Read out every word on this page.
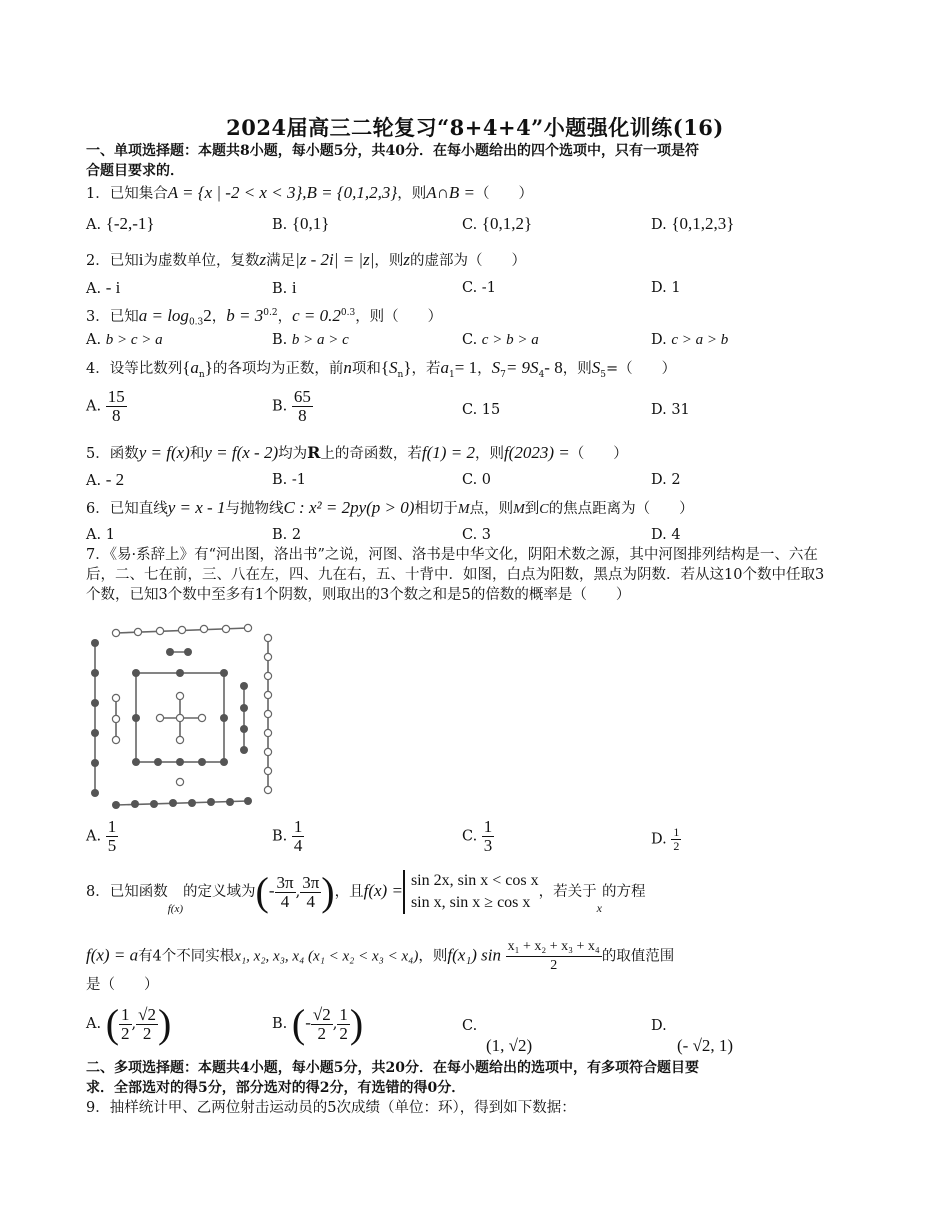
2024届高三二轮复习“8+4+4”小题强化训练(16)
一、单项选择题：本题共8小题，每小题5分，共40分．在每小题给出的四个选项中，只有一项是符
合题目要求的．
1．已知集合A = {x | -2 < x < 3},B = {0,1,2,3}，则A∩B =（　　）
A. {-2,-1}	B. {0,1}	C. {0,1,2}	D. {0,1,2,3}
2．已知i为虚数单位，复数z满足|z - 2i| = |z|，则z的虚部为（　　）
A. - i	B. i	C. -1	D. 1
3．已知$a = \log_{0.3}2$，$b = 3^{0.2}$，$c = 0.2^{0.3}$，则（　　）
A. b > c > a	B. b > a > c	C. c > b > a	D. c > a > b
4．设等比数列$\{a_n\}$的各项均为正数，前n项和$\{S_n\}$，若$a_1= 1$，$S_7= 9S_4-$ 8，则$S_5=$（　　）
A. $\frac{15}{8}$	B. $\frac{65}{8}$	C. 15	D. 31
5．函数y = f(x)和y = f(x - 2)均为R上的奇函数，若f(1) = 2，则f(2023) =（　　）
A. - 2	B. -1	C. 0	D. 2
6．已知直线y = x - 1与抛物线C : x² = 2py(p > 0)相切于M点，则M到C的焦点距离为（　　）
A. 1	B. 2	C. 3	D. 4
7．《易·系辞上》有“河出图，洛出书”之说，河图、洛书是中华文化，阴阳术数之源，其中河图排列结构是一、六在后，二、七在前，三、八在左，四、九在右，五、十背中．如图，白点为阳数，黑点为阴数．若从这10个数中任取3个数，已知3个数中至多有1个阴数，则取出的3个数之和是5的倍数的概率是（　　）
A. $\frac{1}{5}$	B. $\frac{1}{4}$	C. $\frac{1}{3}$	D. $\frac{1}{2}$
8．已知函数$_{f(x)}$的定义域为(- $\frac{3\pi}{4}$ , $\frac{3\pi}{4}$ )，且f(x) =
sin 2x, sin x < cos x
sin x, sin x ≥ cos x
，若关于$_x$的方程
f(x) = a有4个不同实根x₁, x₂, x₃, x₄ (x₁ < x₂ < x₃ < x₄)，则f(x₁) $\sin \frac{\text{x₁ + x₂ + x₃ + x₄}}{2}$ 的取值范围
是（　　）
A. ( $\frac{1}{2}$ , $\frac{√2}{2}$ )	B. (- $\frac{√2}{2}$ , $\frac{1}{2}$ )	C.
(1, √2)
D.
(- √2, 1)
二、多项选择题：本题共4小题，每小题5分，共20分．在每小题给出的选项中，有多项符合题目要
求．全部选对的得5分，部分选对的得2分，有选错的得0分．
9．抽样统计甲、乙两位射击运动员的5次成绩（单位：环），得到如下数据：
